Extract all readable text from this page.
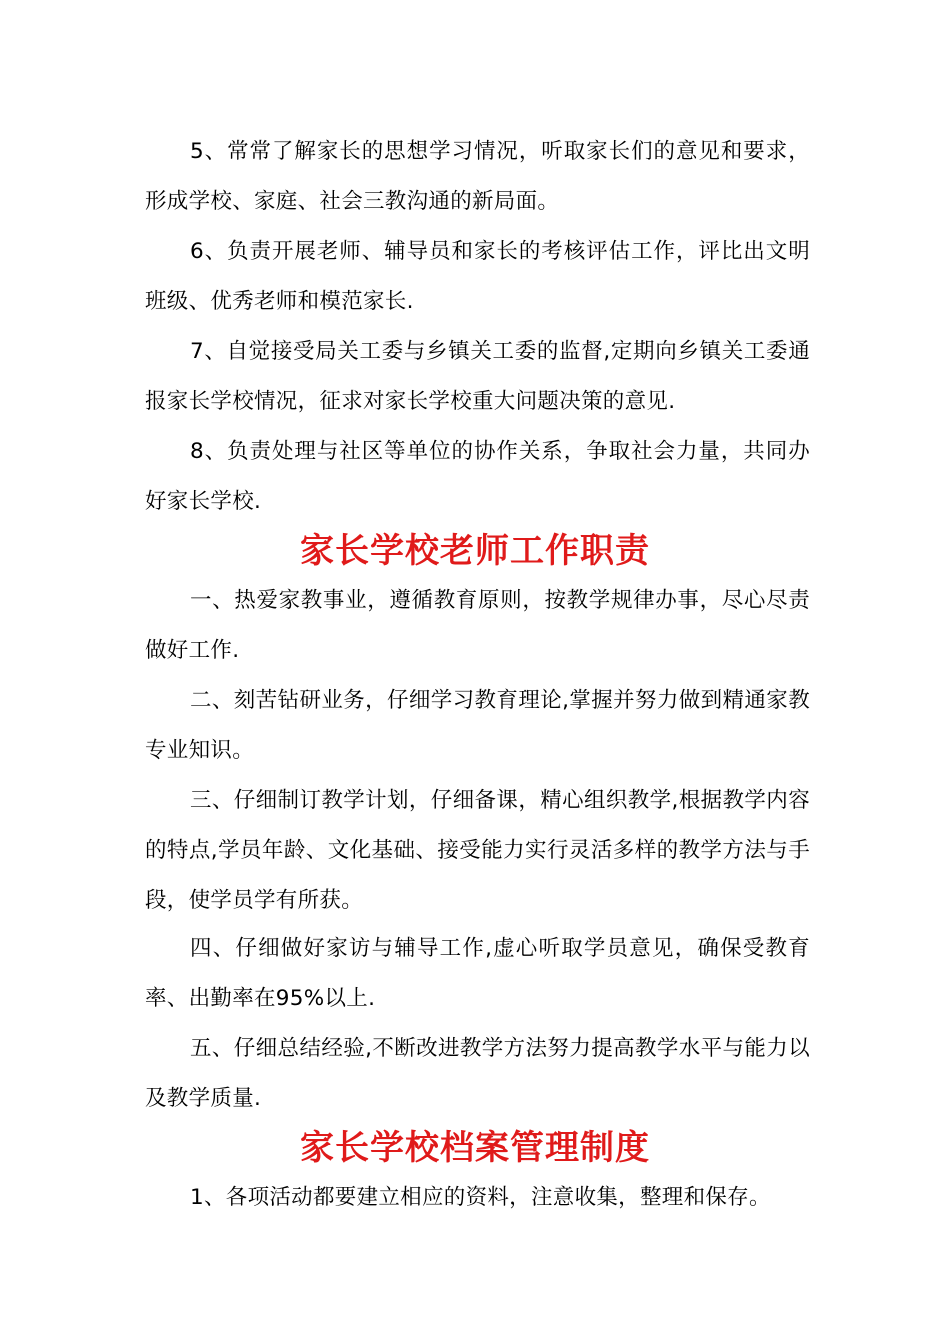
5、常常了解家长的思想学习情况，听取家长们的意见和要求，形成学校、家庭、社会三教沟通的新局面。

6、负责开展老师、辅导员和家长的考核评估工作，评比出文明班级、优秀老师和模范家长.

7、自觉接受局关工委与乡镇关工委的监督,定期向乡镇关工委通报家长学校情况，征求对家长学校重大问题决策的意见.

8、负责处理与社区等单位的协作关系，争取社会力量，共同办好家长学校.

家长学校老师工作职责

一、热爱家教事业，遵循教育原则，按教学规律办事，尽心尽责做好工作.

二、刻苦钻研业务，仔细学习教育理论,掌握并努力做到精通家教专业知识。

三、仔细制订教学计划，仔细备课，精心组织教学,根据教学内容的特点,学员年龄、文化基础、接受能力实行灵活多样的教学方法与手段，使学员学有所获。

四、仔细做好家访与辅导工作,虚心听取学员意见，确保受教育率、出勤率在95%以上.

五、仔细总结经验,不断改进教学方法努力提高教学水平与能力以及教学质量.

家长学校档案管理制度

1、各项活动都要建立相应的资料，注意收集，整理和保存。
